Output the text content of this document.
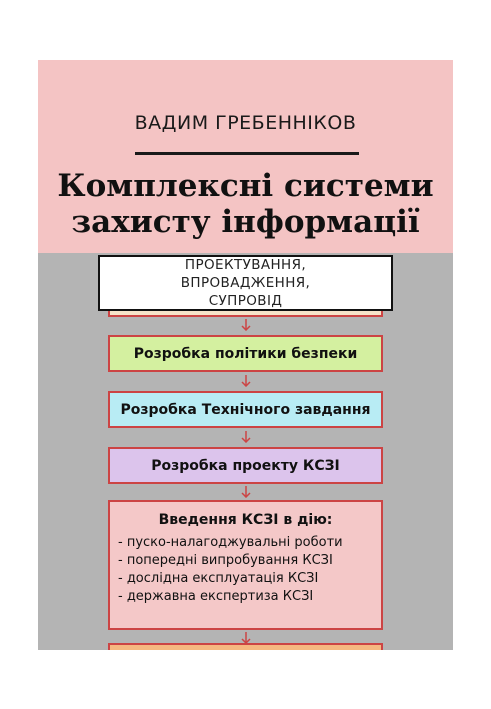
ВАДИМ ГРЕБЕННІКОВ
Комплексні системи
захисту інформації
ПРОЕКТУВАННЯ, ВПРОВАДЖЕННЯ,
СУПРОВІД
Розробка політики безпеки
Розробка Технічного завдання
Розробка проекту КСЗІ
Введення КСЗІ в дію:
- пуско-налагоджувальні роботи
- попередні випробування КСЗІ
- дослідна експлуатація КСЗІ
- державна експертиза КСЗІ
